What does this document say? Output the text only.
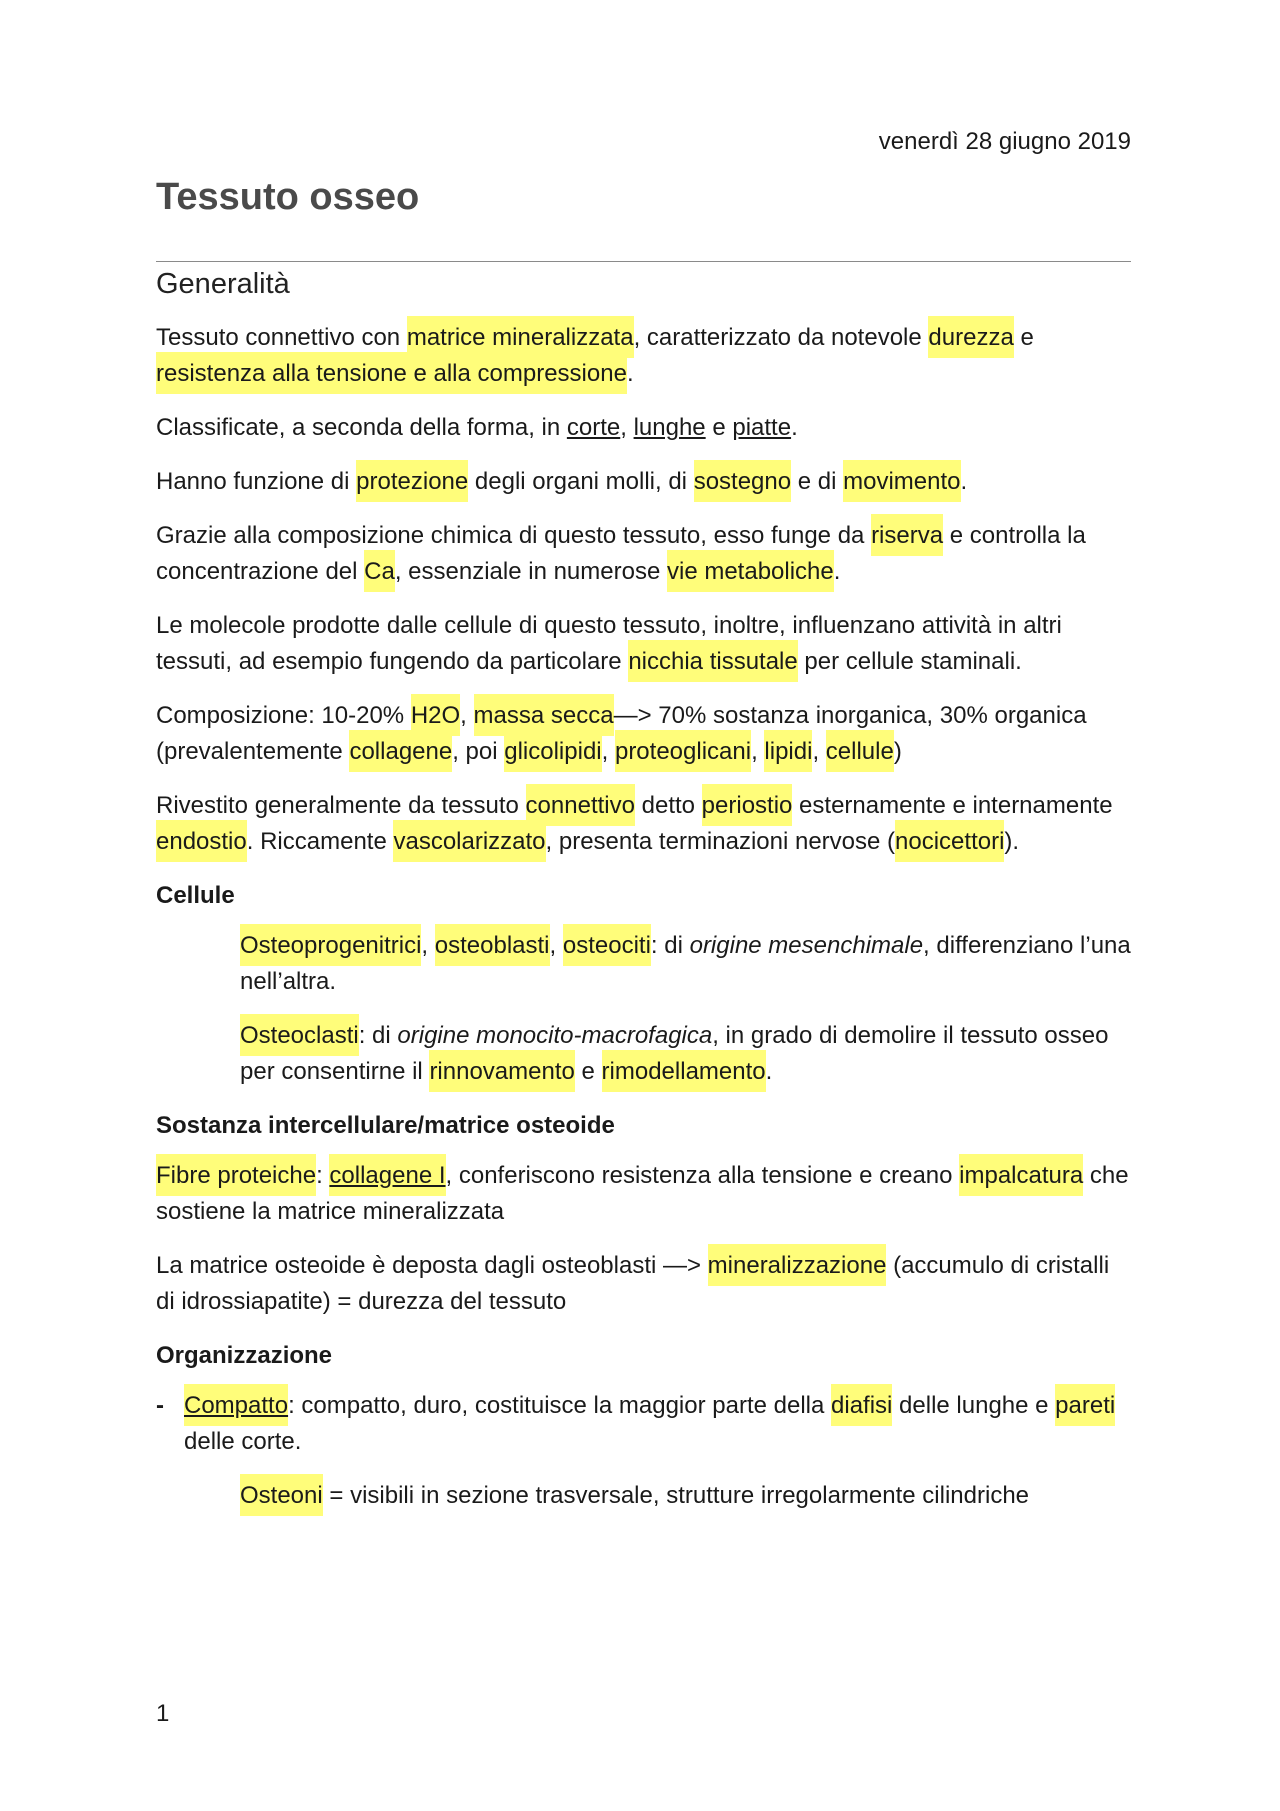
venerdì 28 giugno 2019
Tessuto osseo
Generalità

Tessuto connettivo con matrice mineralizzata, caratterizzato da notevole durezza e resistenza alla tensione e alla compressione.

Classificate, a seconda della forma, in corte, lunghe e piatte.

Hanno funzione di protezione degli organi molli, di sostegno e di movimento.

Grazie alla composizione chimica di questo tessuto, esso funge da riserva e controlla la concentrazione del Ca, essenziale in numerose vie metaboliche.

Le molecole prodotte dalle cellule di questo tessuto, inoltre, influenzano attività in altri tessuti, ad esempio fungendo da particolare nicchia tissutale per cellule staminali.

Composizione: 10-20% H2O, massa secca—> 70% sostanza inorganica, 30% organica (prevalentemente collagene, poi glicolipidi, proteoglicani, lipidi, cellule)

Rivestito generalmente da tessuto connettivo detto periostio esternamente e internamente endostio. Riccamente vascolarizzato, presenta terminazioni nervose (nocicettori).

Cellule

Osteoprogenitrici, osteoblasti, osteociti: di origine mesenchimale, differenziano l’una nell’altra.

Osteoclasti: di origine monocito-macrofagica, in grado di demolire il tessuto osseo per consentirne il rinnovamento e rimodellamento.

Sostanza intercellulare/matrice osteoide

Fibre proteiche: collagene I, conferiscono resistenza alla tensione e creano impalcatura che sostiene la matrice mineralizzata

La matrice osteoide è deposta dagli osteoblasti —> mineralizzazione (accumulo di cristalli di idrossiapatite) = durezza del tessuto

Organizzazione

- Compatto: compatto, duro, costituisce la maggior parte della diafisi delle lunghe e pareti delle corte.

Osteoni = visibili in sezione trasversale, strutture irregolarmente cilindriche

1
